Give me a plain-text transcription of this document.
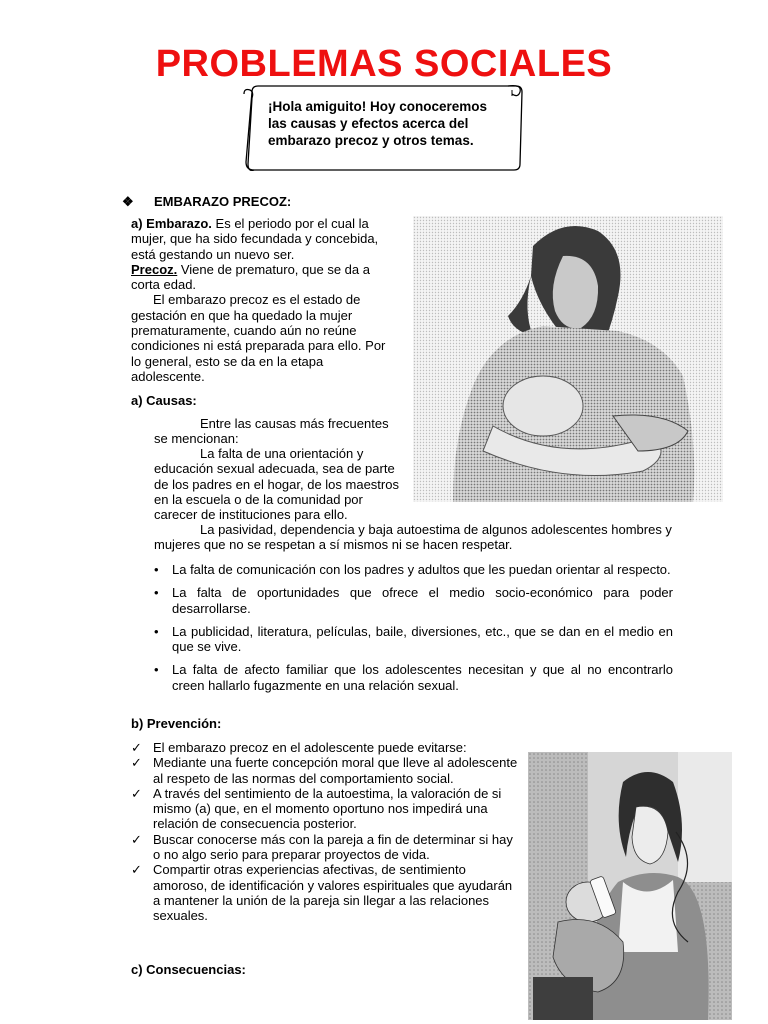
PROBLEMAS SOCIALES
¡Hola amiguito! Hoy conoceremos las causas y efectos acerca del embarazo precoz y otros temas.
❖ EMBARAZO PRECOZ:

a) Embarazo. Es el periodo por el cual la mujer, que ha sido fecundada y concebida, está gestando un nuevo ser.

Precoz. Viene de prematuro, que se da a corta edad.

El embarazo precoz es el estado de gestación en que ha quedado la mujer prematuramente, cuando aún no reúne condiciones ni está preparada para ello. Por lo general, esto se da en la etapa adolescente.

a) Causas:

Entre las causas más frecuentes se mencionan:

La falta de una orientación y educación sexual adecuada, sea de parte de los padres en el hogar, de los maestros en la escuela o de la comunidad por carecer de instituciones para ello.

La pasividad, dependencia y baja autoestima de algunos adolescentes hombres y mujeres que no se respetan a sí mismos ni se hacen respetar.

• La falta de comunicación con los padres y adultos que les puedan orientar al respecto.
• La falta de oportunidades que ofrece el medio socio-económico para poder desarrollarse.
• La publicidad, literatura, películas, baile, diversiones, etc., que se dan en el medio en que se vive.
• La falta de afecto familiar que los adolescentes necesitan y que al no encontrarlo creen hallarlo fugazmente en una relación sexual.
b) Prevención:
✓ El embarazo precoz en el adolescente puede evitarse:
✓ Mediante una fuerte concepción moral que lleve al adolescente al respeto de las normas del comportamiento social.
✓ A través del sentimiento de la autoestima, la valoración de si mismo (a) que, en el momento oportuno nos impedirá una relación de consecuencia posterior.
✓ Buscar conocerse más con la pareja a fin de determinar si hay o no algo serio para preparar proyectos de vida.
✓ Compartir otras experiencias afectivas, de sentimiento amoroso, de identificación y valores espirituales que ayudarán a mantener la unión de la pareja sin llegar a las relaciones sexuales.
c) Consecuencias:
